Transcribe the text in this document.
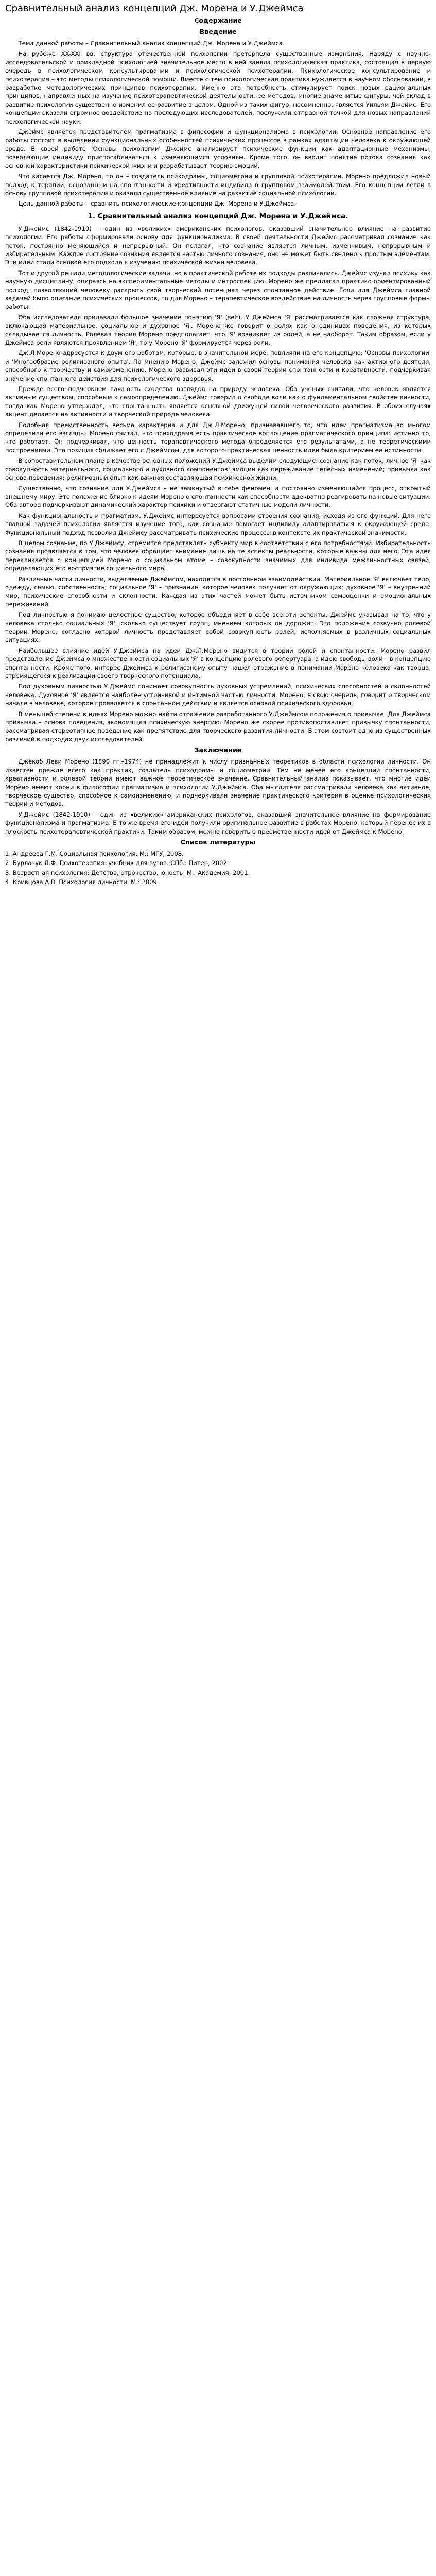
Сравнительный анализ концепций Дж. Морена и У.Джеймса
Содержание
Введение

Тема данной работы – Сравнительный анализ концепций Дж. Морена и У.Джеймса.

На рубеже XX-XXI вв. структура отечественной психологии претерпела существенные изменения. Наряду с научно-исследовательской и прикладной психологией значительное место в ней заняла психологическая практика, состоящая в первую очередь в психологическом консультировании и психологической психотерапии. Психологическое консультирование и психотерапия – это методы психологической помощи. Вместе с тем психологическая практика нуждается в научном обосновании, в разработке методологических принципов психотерапии. Именно эта потребность стимулирует поиск новых рациональных принципов, направленных на изучение психотерапевтической деятельности, ее методов, многие знаменитые фигуры, чей вклад в развитие психологии существенно изменил ее развитие в целом. Одной из таких фигур, несомненно, является Уильям Джеймс. Его концепции оказали огромное воздействие на последующих исследователей, послужили отправной точкой для новых направлений психологической науки.

Джеймс является представителем прагматизма в философии и функционализма в психологии. Основное направление его работы состоит в выделении функциональных особенностей психических процессов в рамках адаптации человека к окружающей среде. В своей работе 'Основы психологии' Джеймс анализирует психические функции как адаптационные механизмы, позволяющие индивиду приспосабливаться к изменяющимся условиям. Кроме того, он вводит понятие потока сознания как основной характеристики психической жизни и разрабатывает теорию эмоций.

Что касается Дж. Морено, то он – создатель психодрамы, социометрии и групповой психотерапии. Морено предложил новый подход к терапии, основанный на спонтанности и креативности индивида в групповом взаимодействии. Его концепции легли в основу групповой психотерапии и оказали существенное влияние на развитие социальной психологии.

Цель данной работы – сравнить психологические концепции Дж. Морена и У.Джеймса.

1. Сравнительный анализ концепций Дж. Морена и У.Джеймса.

У.Джеймс (1842-1910) – один из «великих» американских психологов, оказавший значительное влияние на развитие психологии. Его работы сформировали основу для функционализма. В своей деятельности Джеймс рассматривал сознание как поток, постоянно меняющийся и непрерывный. Он полагал, что сознание является личным, изменчивым, непрерывным и избирательным. Каждое состояние сознания является частью личного сознания, оно не может быть сведено к простым элементам. Эти идеи стали основой его подхода к изучению психической жизни человека.

Тот и другой решали методологические задачи, но в практической работе их подходы различались. Джеймс изучал психику как научную дисциплину, опираясь на экспериментальные методы и интроспекцию. Морено же предлагал практико-ориентированный подход, позволяющий человеку раскрыть свой творческий потенциал через спонтанное действие. Если для Джеймса главной задачей было описание психических процессов, то для Морено – терапевтическое воздействие на личность через групповые формы работы.

Оба исследователя придавали большое значение понятию 'Я' (self). У Джеймса 'Я' рассматривается как сложная структура, включающая материальное, социальное и духовное 'Я'. Морено же говорит о ролях как о единицах поведения, из которых складывается личность. Ролевая теория Морено предполагает, что 'Я' возникает из ролей, а не наоборот. Таким образом, если у Джеймса роли являются проявлением 'Я', то у Морено 'Я' формируется через роли.

Дж.Л.Морено адресуется к двум его работам, которые, в значительной мере, повлияли на его концепцию: 'Основы психологии' и 'Многообразие религиозного опыта'. По мнению Морено, Джеймс заложил основы понимания человека как активного деятеля, способного к творчеству и самоизменению. Морено развивал эти идеи в своей теории спонтанности и креативности, подчеркивая значение спонтанного действия для психологического здоровья.

Прежде всего подчеркнем важность сходства взглядов на природу человека. Оба ученых считали, что человек является активным существом, способным к самоопределению. Джеймс говорил о свободе воли как о фундаментальном свойстве личности, тогда как Морено утверждал, что спонтанность является основной движущей силой человеческого развития. В обоих случаях акцент делается на активности и творческой природе человека.

Подобная преемственность весьма характерна и для Дж.Л.Морено, признававшего то, что идеи прагматизма во многом определили его взгляды. Морено считал, что психодрама есть практическое воплощение прагматического принципа: истинно то, что работает. Он подчеркивал, что ценность терапевтического метода определяется его результатами, а не теоретическими построениями. Эта позиция сближает его с Джеймсом, для которого практическая ценность идеи была критерием ее истинности.

В сопоставительном плане в качестве основных положений У.Джеймса выделим следующие: сознание как поток; личное 'Я' как совокупность материального, социального и духовного компонентов; эмоции как переживание телесных изменений; привычка как основа поведения; религиозный опыт как важная составляющая психической жизни.

Существенно, что сознание для У.Джеймса – не замкнутый в себе феномен, а постоянно изменяющийся процесс, открытый внешнему миру. Это положение близко к идеям Морено о спонтанности как способности адекватно реагировать на новые ситуации. Оба автора подчеркивают динамический характер психики и отвергают статичные модели личности.

Как функциональность и прагматизм, У.Джеймс интересуется вопросами строения сознания, исходя из его функций. Для него главной задачей психологии является изучение того, как сознание помогает индивиду адаптироваться к окружающей среде. Функциональный подход позволил Джеймсу рассматривать психические процессы в контексте их практической значимости.

В целом сознание, по У.Джеймсу, стремится представлять субъекту мир в соответствии с его потребностями. Избирательность сознания проявляется в том, что человек обращает внимание лишь на те аспекты реальности, которые важны для него. Эта идея перекликается с концепцией Морено о социальном атоме – совокупности значимых для индивида межличностных связей, определяющих его восприятие социального мира.

Различные части личности, выделяемые Джеймсом, находятся в постоянном взаимодействии. Материальное 'Я' включает тело, одежду, семью, собственность; социальное 'Я' – признание, которое человек получает от окружающих; духовное 'Я' – внутренний мир, психические способности и склонности. Каждая из этих частей может быть источником самооценки и эмоциональных переживаний.

Под личностью я понимаю целостное существо, которое объединяет в себе все эти аспекты. Джеймс указывал на то, что у человека столько социальных 'Я', сколько существует групп, мнением которых он дорожит. Это положение созвучно ролевой теории Морено, согласно которой личность представляет собой совокупность ролей, исполняемых в различных социальных ситуациях.

Наибольшее влияние идей У.Джеймса на идеи Дж.Л.Морено видится в теории ролей и спонтанности. Морено развил представление Джеймса о множественности социальных 'Я' в концепцию ролевого репертуара, а идею свободы воли – в концепцию спонтанности. Кроме того, интерес Джеймса к религиозному опыту нашел отражение в понимании Морено человека как творца, стремящегося к реализации своего творческого потенциала.

Под духовным личностью У.Джеймс понимает совокупность духовных устремлений, психических способностей и склонностей человека. Духовное 'Я' является наиболее устойчивой и интимной частью личности. Морено, в свою очередь, говорит о творческом начале в человеке, которое проявляется в спонтанном действии и является основой психического здоровья.

В меньшей степени в идеях Морено можно найти отражение разработанного У.Джеймсом положения о привычке. Для Джеймса привычка – основа поведения, экономящая психическую энергию. Морено же скорее противопоставляет привычку спонтанности, рассматривая стереотипное поведение как препятствие для творческого развития личности. В этом состоит одно из существенных различий в подходах двух исследователей.

Заключение

Джекоб Леви Морено (1890 гг.–1974) не принадлежит к числу признанных теоретиков в области психологии личности. Он известен прежде всего как практик, создатель психодрамы и социометрии. Тем не менее его концепции спонтанности, креативности и ролевой теории имеют важное теоретическое значение. Сравнительный анализ показывает, что многие идеи Морено имеют корни в философии прагматизма и психологии У.Джеймса. Оба мыслителя рассматривали человека как активное, творческое существо, способное к самоизменению, и подчеркивали значение практического критерия в оценке психологических теорий и методов.

У.Джеймс (1842-1910) – один из «великих» американских психологов, оказавший значительное влияние на формирование функционализма и прагматизма. В то же время его идеи получили оригинальное развитие в работах Морено, который перенес их в плоскость психотерапевтической практики. Таким образом, можно говорить о преемственности идей от Джеймса к Морено.

Список литературы
1. Андреева Г.М. Социальная психология. М.: МГУ, 2008.
2. Бурлачук Л.Ф. Психотерапия: учебник для вузов. СПб.: Питер, 2002.
3. Возрастная психология: Детство, отрочество, юность. М.: Академия, 2001.
4. Кривцова А.В. Психология личности. М.: 2009.
